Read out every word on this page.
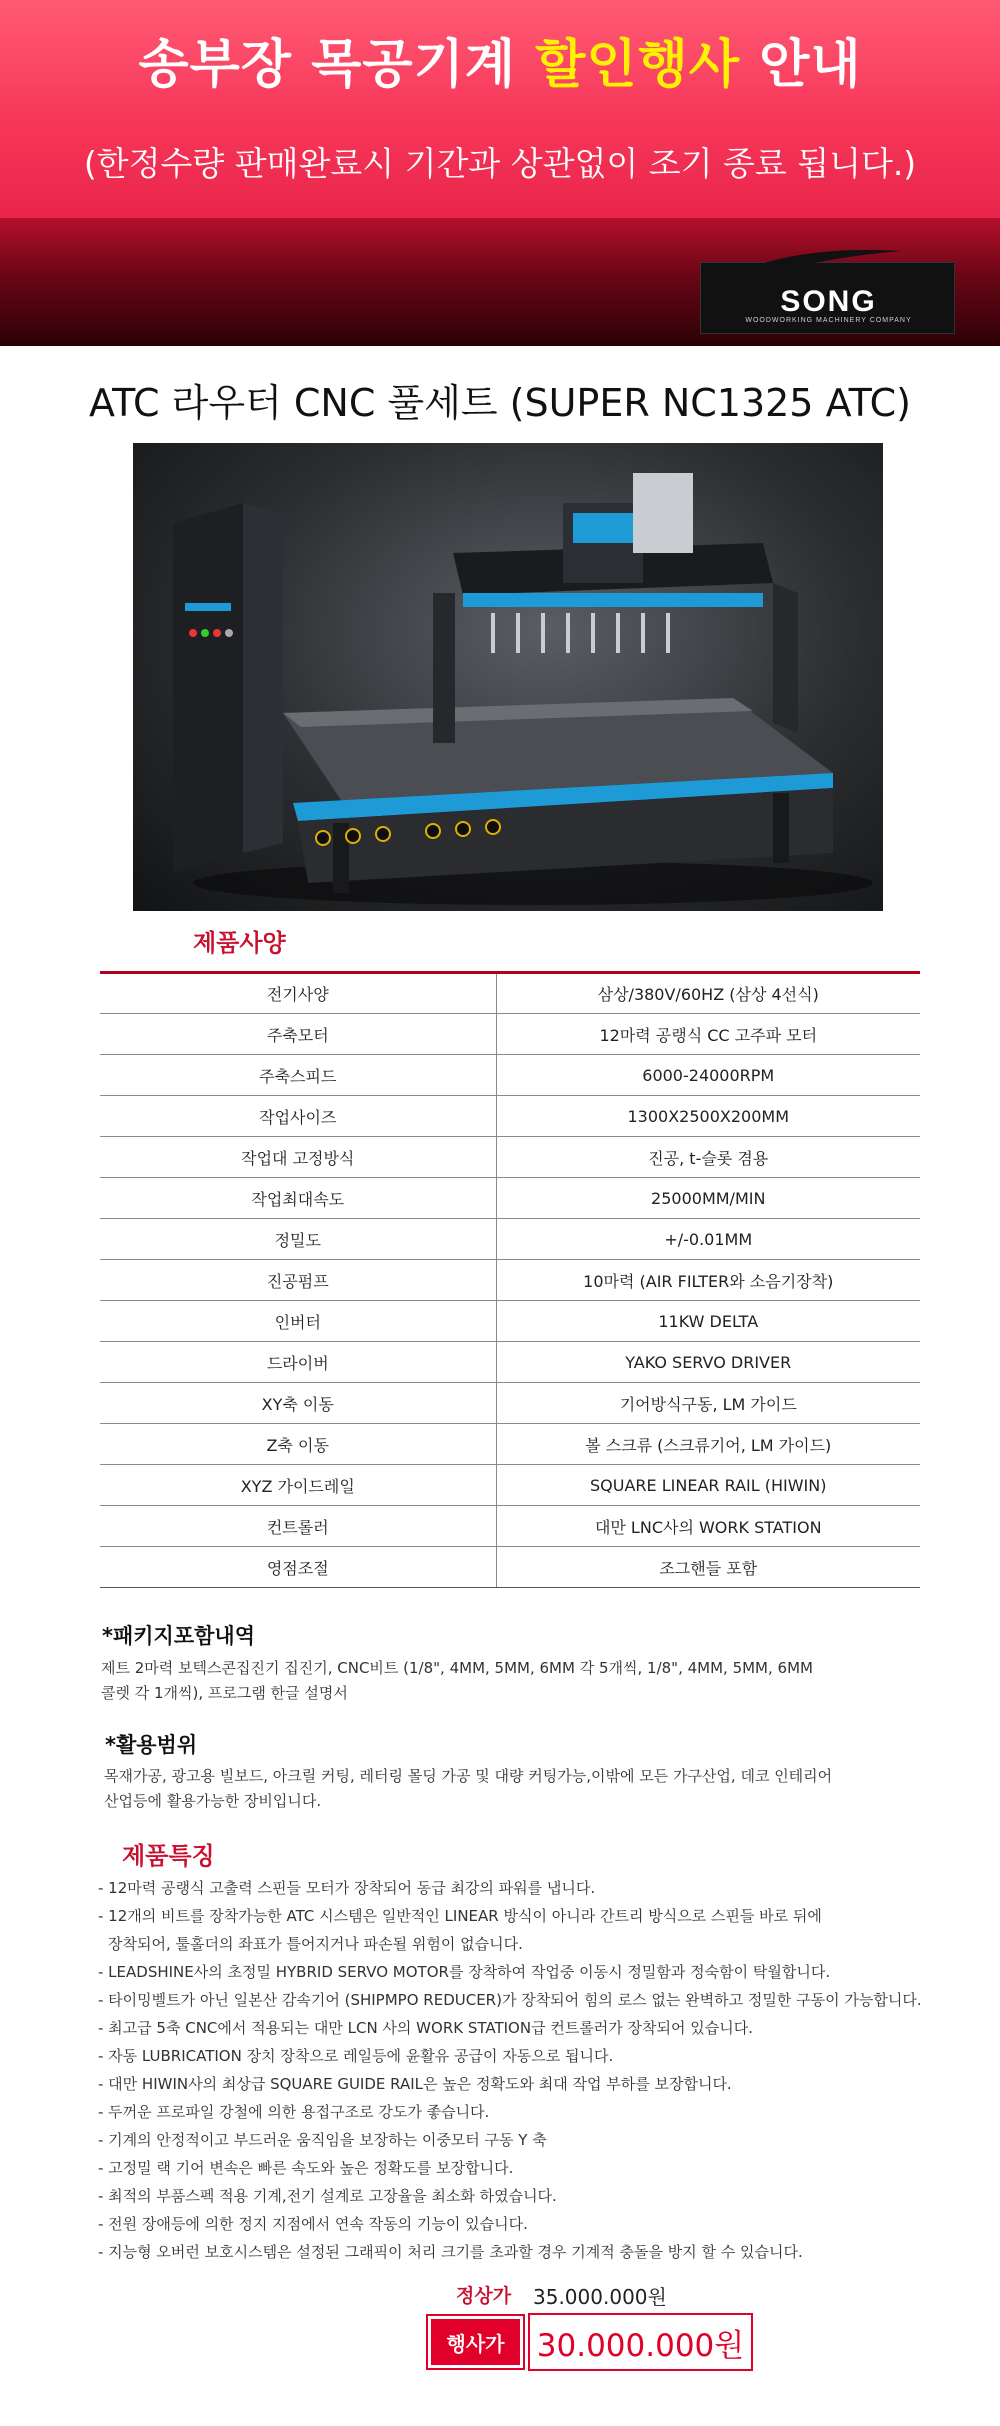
송부장 목공기계 할인행사 안내
(한정수량 판매완료시 기간과 상관없이 조기 종료 됩니다.)
SONG
WOODWORKING MACHINERY COMPANY
ATC 라우터 CNC 풀세트 (SUPER NC1325 ATC)
제품사양
전기사양	삼상/380V/60HZ (삼상 4선식)
주축모터	12마력 공랭식 CC 고주파 모터
주축스피드	6000-24000RPM
작업사이즈	1300X2500X200MM
작업대 고정방식	진공, t-슬롯 겸용
작업최대속도	25000MM/MIN
정밀도	+/-0.01MM
진공펌프	10마력 (AIR FILTER와 소음기장착)
인버터	11KW DELTA
드라이버	YAKO SERVO DRIVER
XY축 이동	기어방식구동, LM 가이드
Z축 이동	볼 스크류 (스크류기어, LM 가이드)
XYZ 가이드레일	SQUARE LINEAR RAIL (HIWIN)
컨트롤러	대만 LNC사의 WORK STATION
영점조절	조그핸들 포함
*패키지포함내역
제트 2마력 보텍스콘집진기 집진기, CNC비트 (1/8", 4MM, 5MM, 6MM 각 5개씩, 1/8", 4MM, 5MM, 6MM
콜렛 각 1개씩), 프로그램 한글 설명서
*활용범위
목재가공, 광고용 빌보드, 아크릴 커팅, 레터링 몰딩 가공 및 대량 커팅가능,이밖에 모든 가구산업, 데코 인테리어
산업등에 활용가능한 장비입니다.
제품특징
- 12마력 공랭식 고출력 스핀들 모터가 장착되어 동급 최강의 파워를 냅니다.
- 12개의 비트를 장착가능한 ATC 시스템은 일반적인 LINEAR 방식이 아니라 간트리 방식으로 스핀들 바로 뒤에
장착되어, 툴홀더의 좌표가 틀어지거나 파손될 위험이 없습니다.
- LEADSHINE사의 초정밀 HYBRID SERVO MOTOR를 장착하여 작업중 이동시 정밀함과 정숙함이 탁월합니다.
- 타이밍벨트가 아닌 일본산 감속기어 (SHIPMPO REDUCER)가 장착되어 힘의 로스 없는 완벽하고 정밀한 구동이 가능합니다.
- 최고급 5축 CNC에서 적용되는 대만 LCN 사의 WORK STATION급 컨트롤러가 장착되어 있습니다.
- 자동 LUBRICATION 장치 장착으로 레일등에 윤활유 공급이 자동으로 됩니다.
- 대만 HIWIN사의 최상급 SQUARE GUIDE RAIL은 높은 정확도와 최대 작업 부하를 보장합니다.
- 두꺼운 프로파일 강철에 의한 용접구조로 강도가 좋습니다.
- 기계의 안정적이고 부드러운 움직임을 보장하는 이중모터 구동 Y 축
- 고정밀 랙 기어 변속은 빠른 속도와 높은 정확도를 보장합니다.
- 최적의 부품스펙 적용 기계,전기 설계로 고장율을 최소화 하였습니다.
- 전원 장애등에 의한 정지 지점에서 연속 작동의 기능이 있습니다.
- 지능형 오버런 보호시스템은 설정된 그래픽이 처리 크기를 초과할 경우 기계적 충돌을 방지 할 수 있습니다.
정상가 35.000.000원
행사가	30.000.000원
